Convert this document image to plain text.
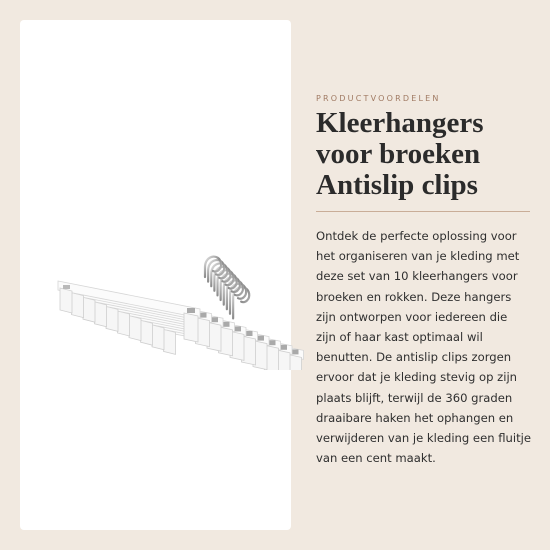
PRODUCTVOORDELEN
Kleerhangers
voor broeken
Antislip clips

Ontdek de perfecte oplossing voor
het organiseren van je kleding met
deze set van 10 kleerhangers voor
broeken en rokken. Deze hangers
zijn ontworpen voor iedereen die
zijn of haar kast optimaal wil
benutten. De antislip clips zorgen
ervoor dat je kleding stevig op zijn
plaats blijft, terwijl de 360 graden
draaibare haken het ophangen en
verwijderen van je kleding een fluitje
van een cent maakt.
